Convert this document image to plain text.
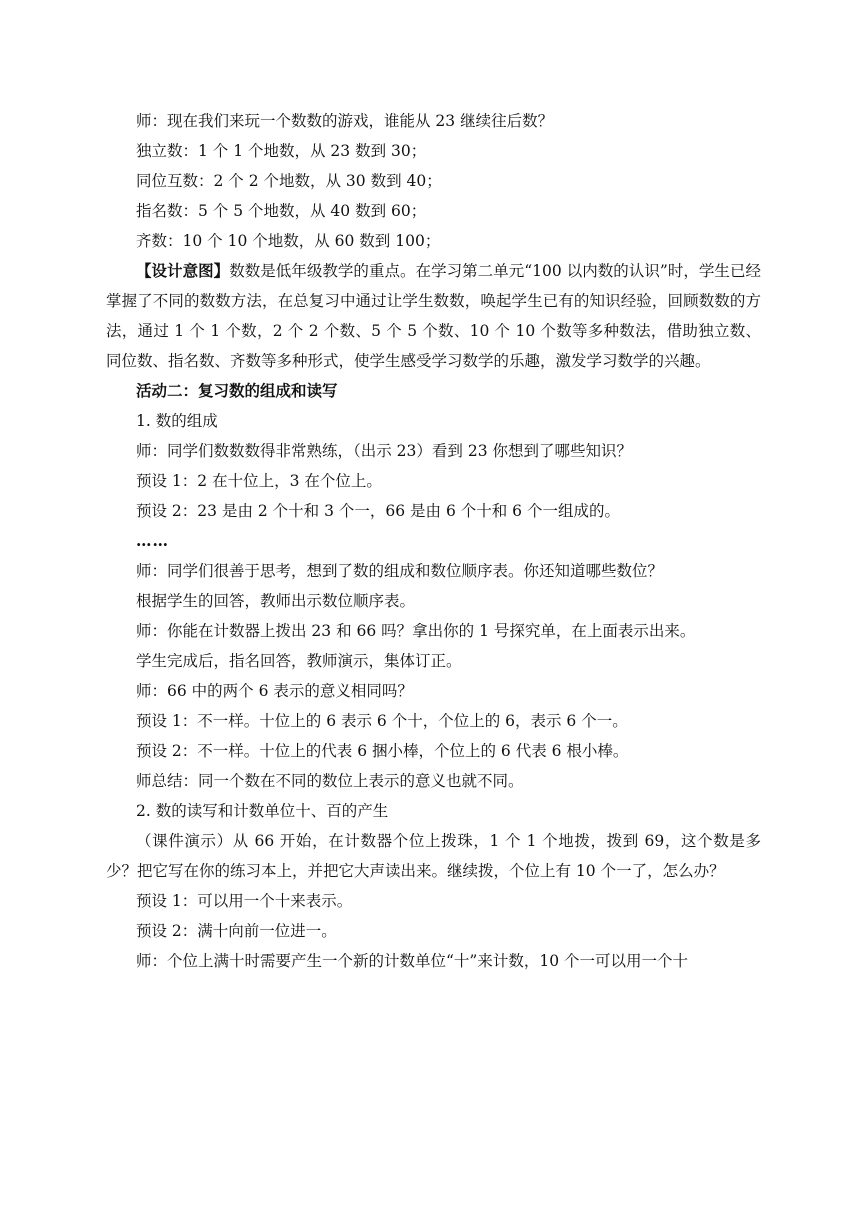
师：现在我们来玩一个数数的游戏，谁能从 23 继续往后数？
独立数：1 个 1 个地数，从 23 数到 30；
同位互数：2 个 2 个地数，从 30 数到 40；
指名数：5 个 5 个地数，从 40 数到 60；
齐数：10 个 10 个地数，从 60 数到 100；
【设计意图】数数是低年级教学的重点。在学习第二单元“100 以内数的认识”时，学生已经掌握了不同的数数方法，在总复习中通过让学生数数，唤起学生已有的知识经验，回顾数数的方法，通过 1 个 1 个数，2 个 2 个数、5 个 5 个数、10 个 10 个数等多种数法，借助独立数、同位数、指名数、齐数等多种形式，使学生感受学习数学的乐趣，激发学习数学的兴趣。
活动二：复习数的组成和读写
1. 数的组成
师：同学们数数数得非常熟练，（出示 23）看到 23 你想到了哪些知识？
预设 1：2 在十位上，3 在个位上。
预设 2：23 是由 2 个十和 3 个一，66 是由 6 个十和 6 个一组成的。
……
师：同学们很善于思考，想到了数的组成和数位顺序表。你还知道哪些数位？
根据学生的回答，教师出示数位顺序表。
师：你能在计数器上拨出 23 和 66 吗？拿出你的 1 号探究单，在上面表示出来。
学生完成后，指名回答，教师演示，集体订正。
师：66 中的两个 6 表示的意义相同吗？
预设 1：不一样。十位上的 6 表示 6 个十，个位上的 6，表示 6 个一。
预设 2：不一样。十位上的代表 6 捆小棒，个位上的 6 代表 6 根小棒。
师总结：同一个数在不同的数位上表示的意义也就不同。
2. 数的读写和计数单位十、百的产生
（课件演示）从 66 开始，在计数器个位上拨珠，1 个 1 个地拨，拨到 69，这个数是多少？把它写在你的练习本上，并把它大声读出来。继续拨，个位上有 10 个一了，怎么办？
预设 1：可以用一个十来表示。
预设 2：满十向前一位进一。
师：个位上满十时需要产生一个新的计数单位“十”来计数，10 个一可以用一个十
